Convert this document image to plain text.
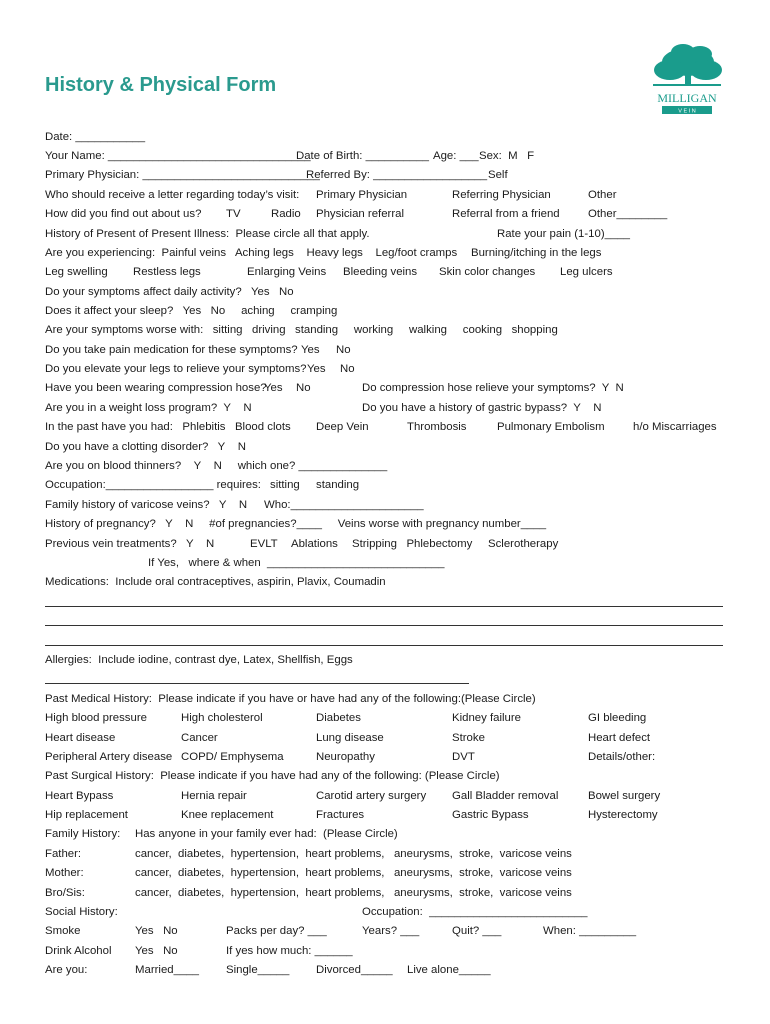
History & Physical Form
MILLIGAN
V E I N
Date: ___________
Your Name: ________________________________
Date of Birth: __________ Age: ___ Sex:  M   F
Primary Physician: ____________________________
Referred By: __________________ Self
Who should receive a letter regarding today’s visit: Primary Physician	Referring Physician	Other
How did you find out about us? TV	Radio Physician referral	Referral from a friend Other________
History of Present of Present Illness:  Please circle all that apply.	Rate your pain (1-10)____
Are you experiencing:  Painful veins   Aching legs    Heavy legs    Leg/foot cramps Burning/itching in the legs
Leg swelling Restless legs	Enlarging Veins Bleeding veins Skin color changes Leg ulcers
Do your symptoms affect daily activity?   Yes   No
Does it affect your sleep?   Yes   No     aching     cramping
Are your symptoms worse with:   sitting   driving   standing     working     walking     cooking   shopping
Do you take pain medication for these symptoms? Yes No
Do you elevate your legs to relieve your symptoms? Yes No
Have you been wearing compression hose?
Yes No	Do compression hose relieve your symptoms?  Y  N
Are you in a weight loss program?  Y    N	Do you have a history of gastric bypass?  Y    N
In the past have you had:   Phlebitis   Blood clots Deep Vein	Thrombosis	Pulmonary Embolism h/o Miscarriages
Do you have a clotting disorder?   Y    N
Are you on blood thinners?    Y    N     which one? ______________
Occupation:_________________ requires: sitting standing
Family history of varicose veins?   Y    N Who:_____________________
History of pregnancy?   Y    N     #of pregnancies?____     Veins worse with pregnancy number____
Previous vein treatments?   Y    N	EVLT Ablations Stripping   Phlebectomy Sclerotherapy
If Yes,   where & when  ____________________________
Medications:  Include oral contraceptives, aspirin, Plavix, Coumadin
Allergies:  Include iodine, contrast dye, Latex, Shellfish, Eggs
Past Medical History:  Please indicate if you have or have had any of the following:(Please Circle)
High blood pressure	High cholesterol	Diabetes	Kidney failure	GI bleeding
Heart disease	Cancer	Lung disease	Stroke	Heart defect
Peripheral Artery disease COPD/ Emphysema	Neuropathy	DVT	Details/other:
Past Surgical History:  Please indicate if you have had any of the following: (Please Circle)
Heart Bypass	Hernia repair	Carotid artery surgery Gall Bladder removal	Bowel surgery
Hip replacement	Knee replacement	Fractures	Gastric Bypass	Hysterectomy
Family History: Has anyone in your family ever had:  (Please Circle)
Father:	cancer,  diabetes,  hypertension,  heart problems,   aneurysms,  stroke,  varicose veins
Mother:	cancer,  diabetes,  hypertension,  heart problems,   aneurysms,  stroke,  varicose veins
Bro/Sis:	cancer,  diabetes,  hypertension,  heart problems,   aneurysms,  stroke,  varicose veins
Social History:	Occupation:  _________________________
Smoke	Yes   No	Packs per day? ___	Years? ___	Quit? ___	When: _________
Drink Alcohol Yes   No	If yes how much: ______
Are you:	Married____ Single_____ Divorced_____ Live alone_____
